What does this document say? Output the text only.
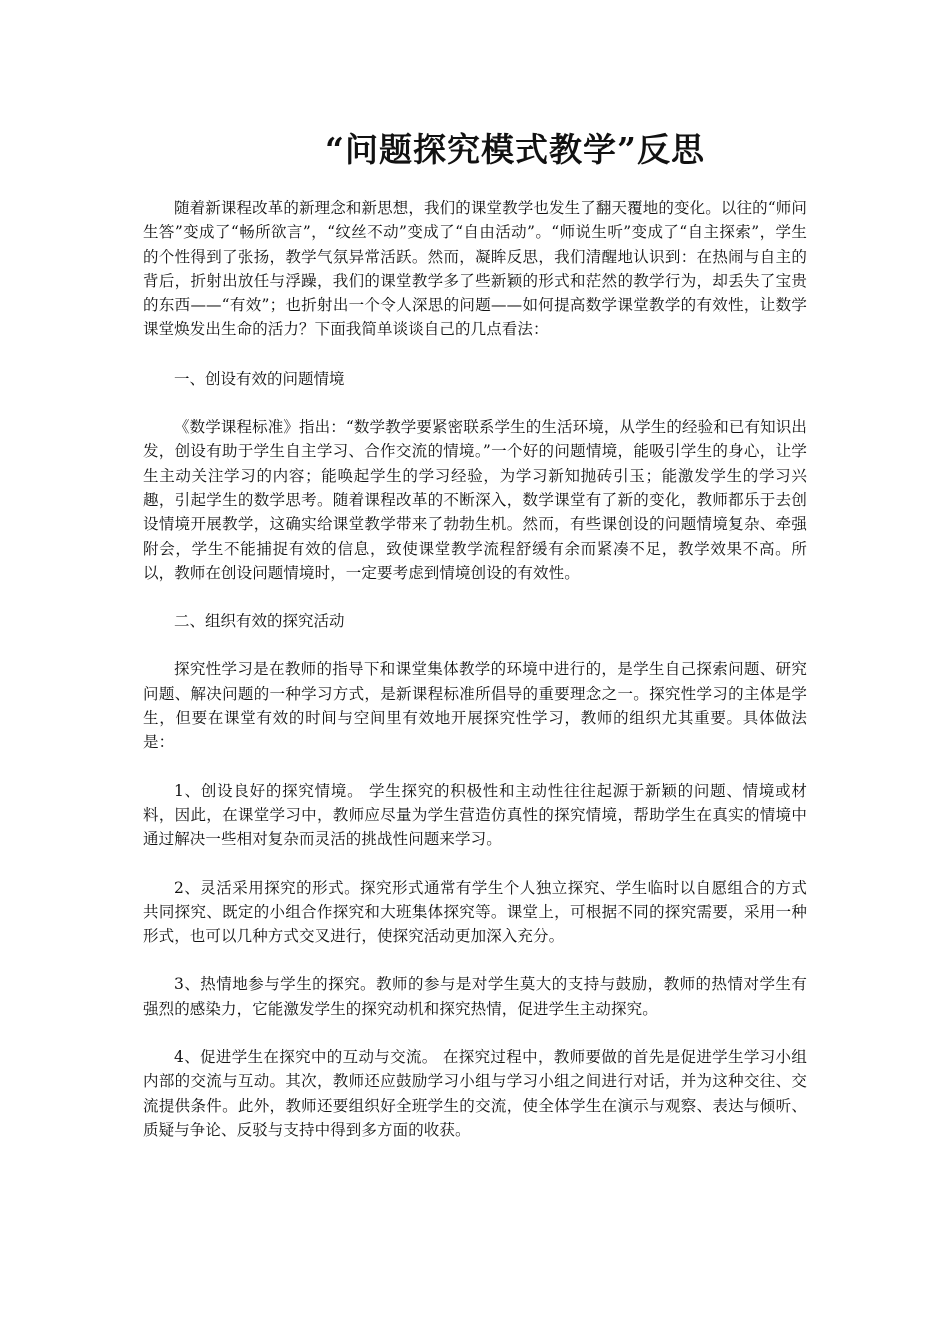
“问题探究模式教学”反思

随着新课程改革的新理念和新思想，我们的课堂教学也发生了翻天覆地的变化。以往的“师问生答”变成了“畅所欲言”，“纹丝不动”变成了“自由活动”。“师说生听”变成了“自主探索”，学生的个性得到了张扬，教学气氛异常活跃。然而，凝眸反思，我们清醒地认识到：在热闹与自主的背后，折射出放任与浮躁，我们的课堂教学多了些新颖的形式和茫然的教学行为，却丢失了宝贵的东西——“有效”；也折射出一个令人深思的问题——如何提高数学课堂教学的有效性，让数学课堂焕发出生命的活力？下面我简单谈谈自己的几点看法：

一、创设有效的问题情境

《数学课程标准》指出：“数学教学要紧密联系学生的生活环境，从学生的经验和已有知识出发，创设有助于学生自主学习、合作交流的情境。”一个好的问题情境，能吸引学生的身心，让学生主动关注学习的内容；能唤起学生的学习经验，为学习新知抛砖引玉；能激发学生的学习兴趣，引起学生的数学思考。随着课程改革的不断深入，数学课堂有了新的变化，教师都乐于去创设情境开展教学，这确实给课堂教学带来了勃勃生机。然而，有些课创设的问题情境复杂、牵强附会，学生不能捕捉有效的信息，致使课堂教学流程舒缓有余而紧凑不足，教学效果不高。所以，教师在创设问题情境时，一定要考虑到情境创设的有效性。

二、组织有效的探究活动

探究性学习是在教师的指导下和课堂集体教学的环境中进行的，是学生自己探索问题、研究问题、解决问题的一种学习方式，是新课程标准所倡导的重要理念之一。探究性学习的主体是学生，但要在课堂有效的时间与空间里有效地开展探究性学习，教师的组织尤其重要。具体做法是：

1、创设良好的探究情境。 学生探究的积极性和主动性往往起源于新颖的问题、情境或材料，因此，在课堂学习中，教师应尽量为学生营造仿真性的探究情境，帮助学生在真实的情境中通过解决一些相对复杂而灵活的挑战性问题来学习。

2、灵活采用探究的形式。探究形式通常有学生个人独立探究、学生临时以自愿组合的方式共同探究、既定的小组合作探究和大班集体探究等。课堂上，可根据不同的探究需要，采用一种形式，也可以几种方式交叉进行，使探究活动更加深入充分。

3、热情地参与学生的探究。教师的参与是对学生莫大的支持与鼓励，教师的热情对学生有强烈的感染力，它能激发学生的探究动机和探究热情，促进学生主动探究。

4、促进学生在探究中的互动与交流。 在探究过程中，教师要做的首先是促进学生学习小组内部的交流与互动。其次，教师还应鼓励学习小组与学习小组之间进行对话，并为这种交往、交流提供条件。此外，教师还要组织好全班学生的交流，使全体学生在演示与观察、表达与倾听、质疑与争论、反驳与支持中得到多方面的收获。
